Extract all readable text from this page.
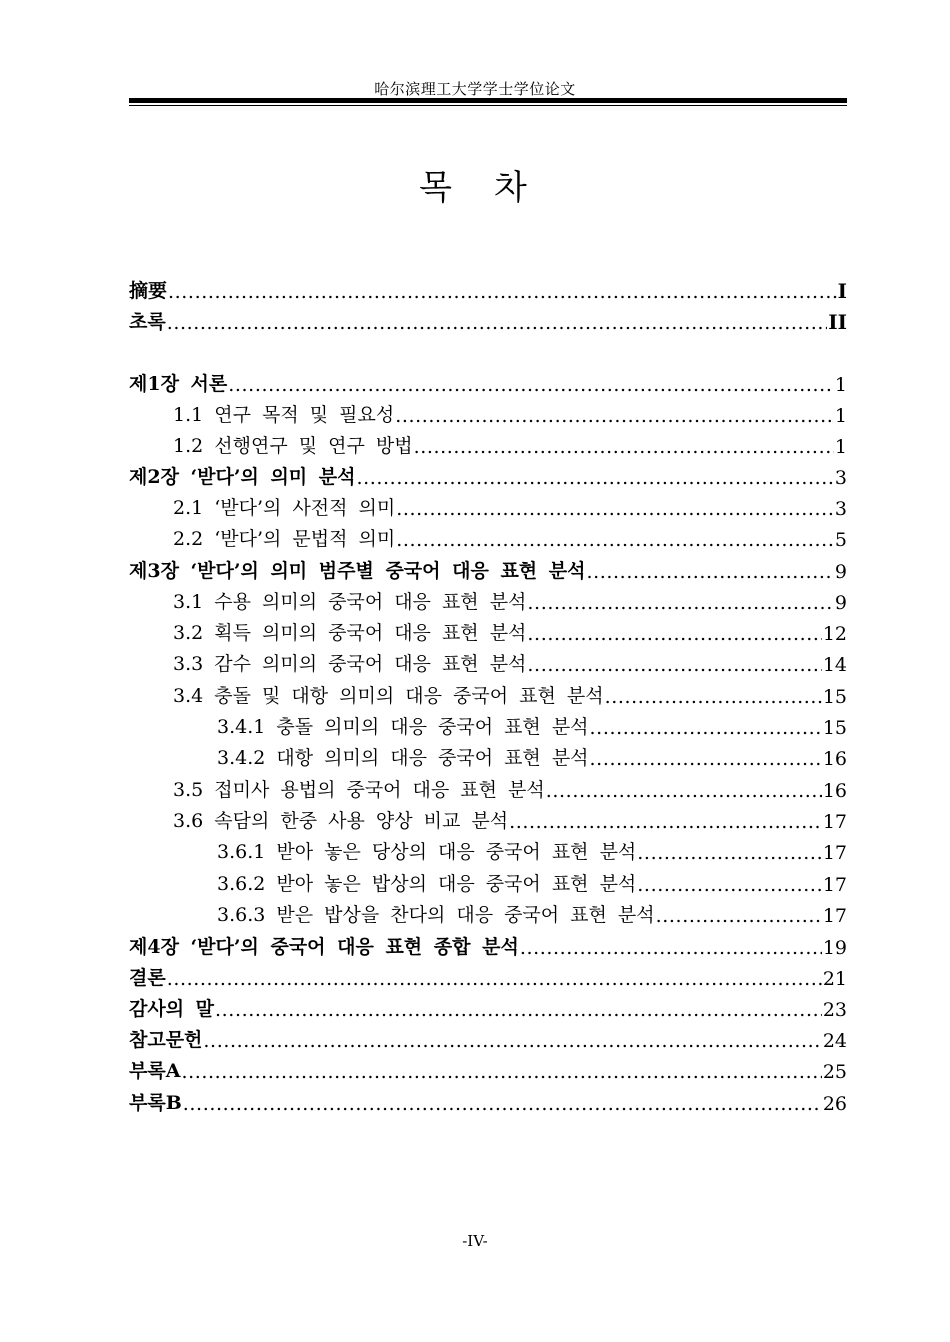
哈尔滨理工大学学士学位论文
목　차
摘要 .....	Ⅰ
초록 .....	II
제1장 서론 .....	1
1.1 연구 목적 및 필요성 .....	1
1.2 선행연구 및 연구 방법 .....	1
제2장 ‘받다’의 의미 분석 .....	3
2.1 ‘받다’의 사전적 의미 .....	3
2.2 ‘받다’의 문법적 의미 .....	5
제3장 ‘받다’의 의미 범주별 중국어 대응 표현 분석 .....	9
3.1 수용 의미의 중국어 대응 표현 분석 .....	9
3.2 획득 의미의 중국어 대응 표현 분석 .....	12
3.3 감수 의미의 중국어 대응 표현 분석 .....	14
3.4 충돌 및 대항 의미의 대응 중국어 표현 분석 .....	15
3.4.1 충돌 의미의 대응 중국어 표현 분석 .....	15
3.4.2 대항 의미의 대응 중국어 표현 분석 .....	16
3.5 접미사 용법의 중국어 대응 표현 분석 .....	16
3.6 속담의 한중 사용 양상 비교 분석 .....	17
3.6.1 받아 놓은 당상의 대응 중국어 표현 분석 .....	17
3.6.2 받아 놓은 밥상의 대응 중국어 표현 분석 .....	17
3.6.3 받은 밥상을 찬다의 대응 중국어 표현 분석 .....	17
제4장 ‘받다’의 중국어 대응 표현 종합 분석 .....	19
결론 .....	21
감사의 말 .....	23
참고문헌 .....	24
부록A .....	25
부록B .....	26
-IV-
